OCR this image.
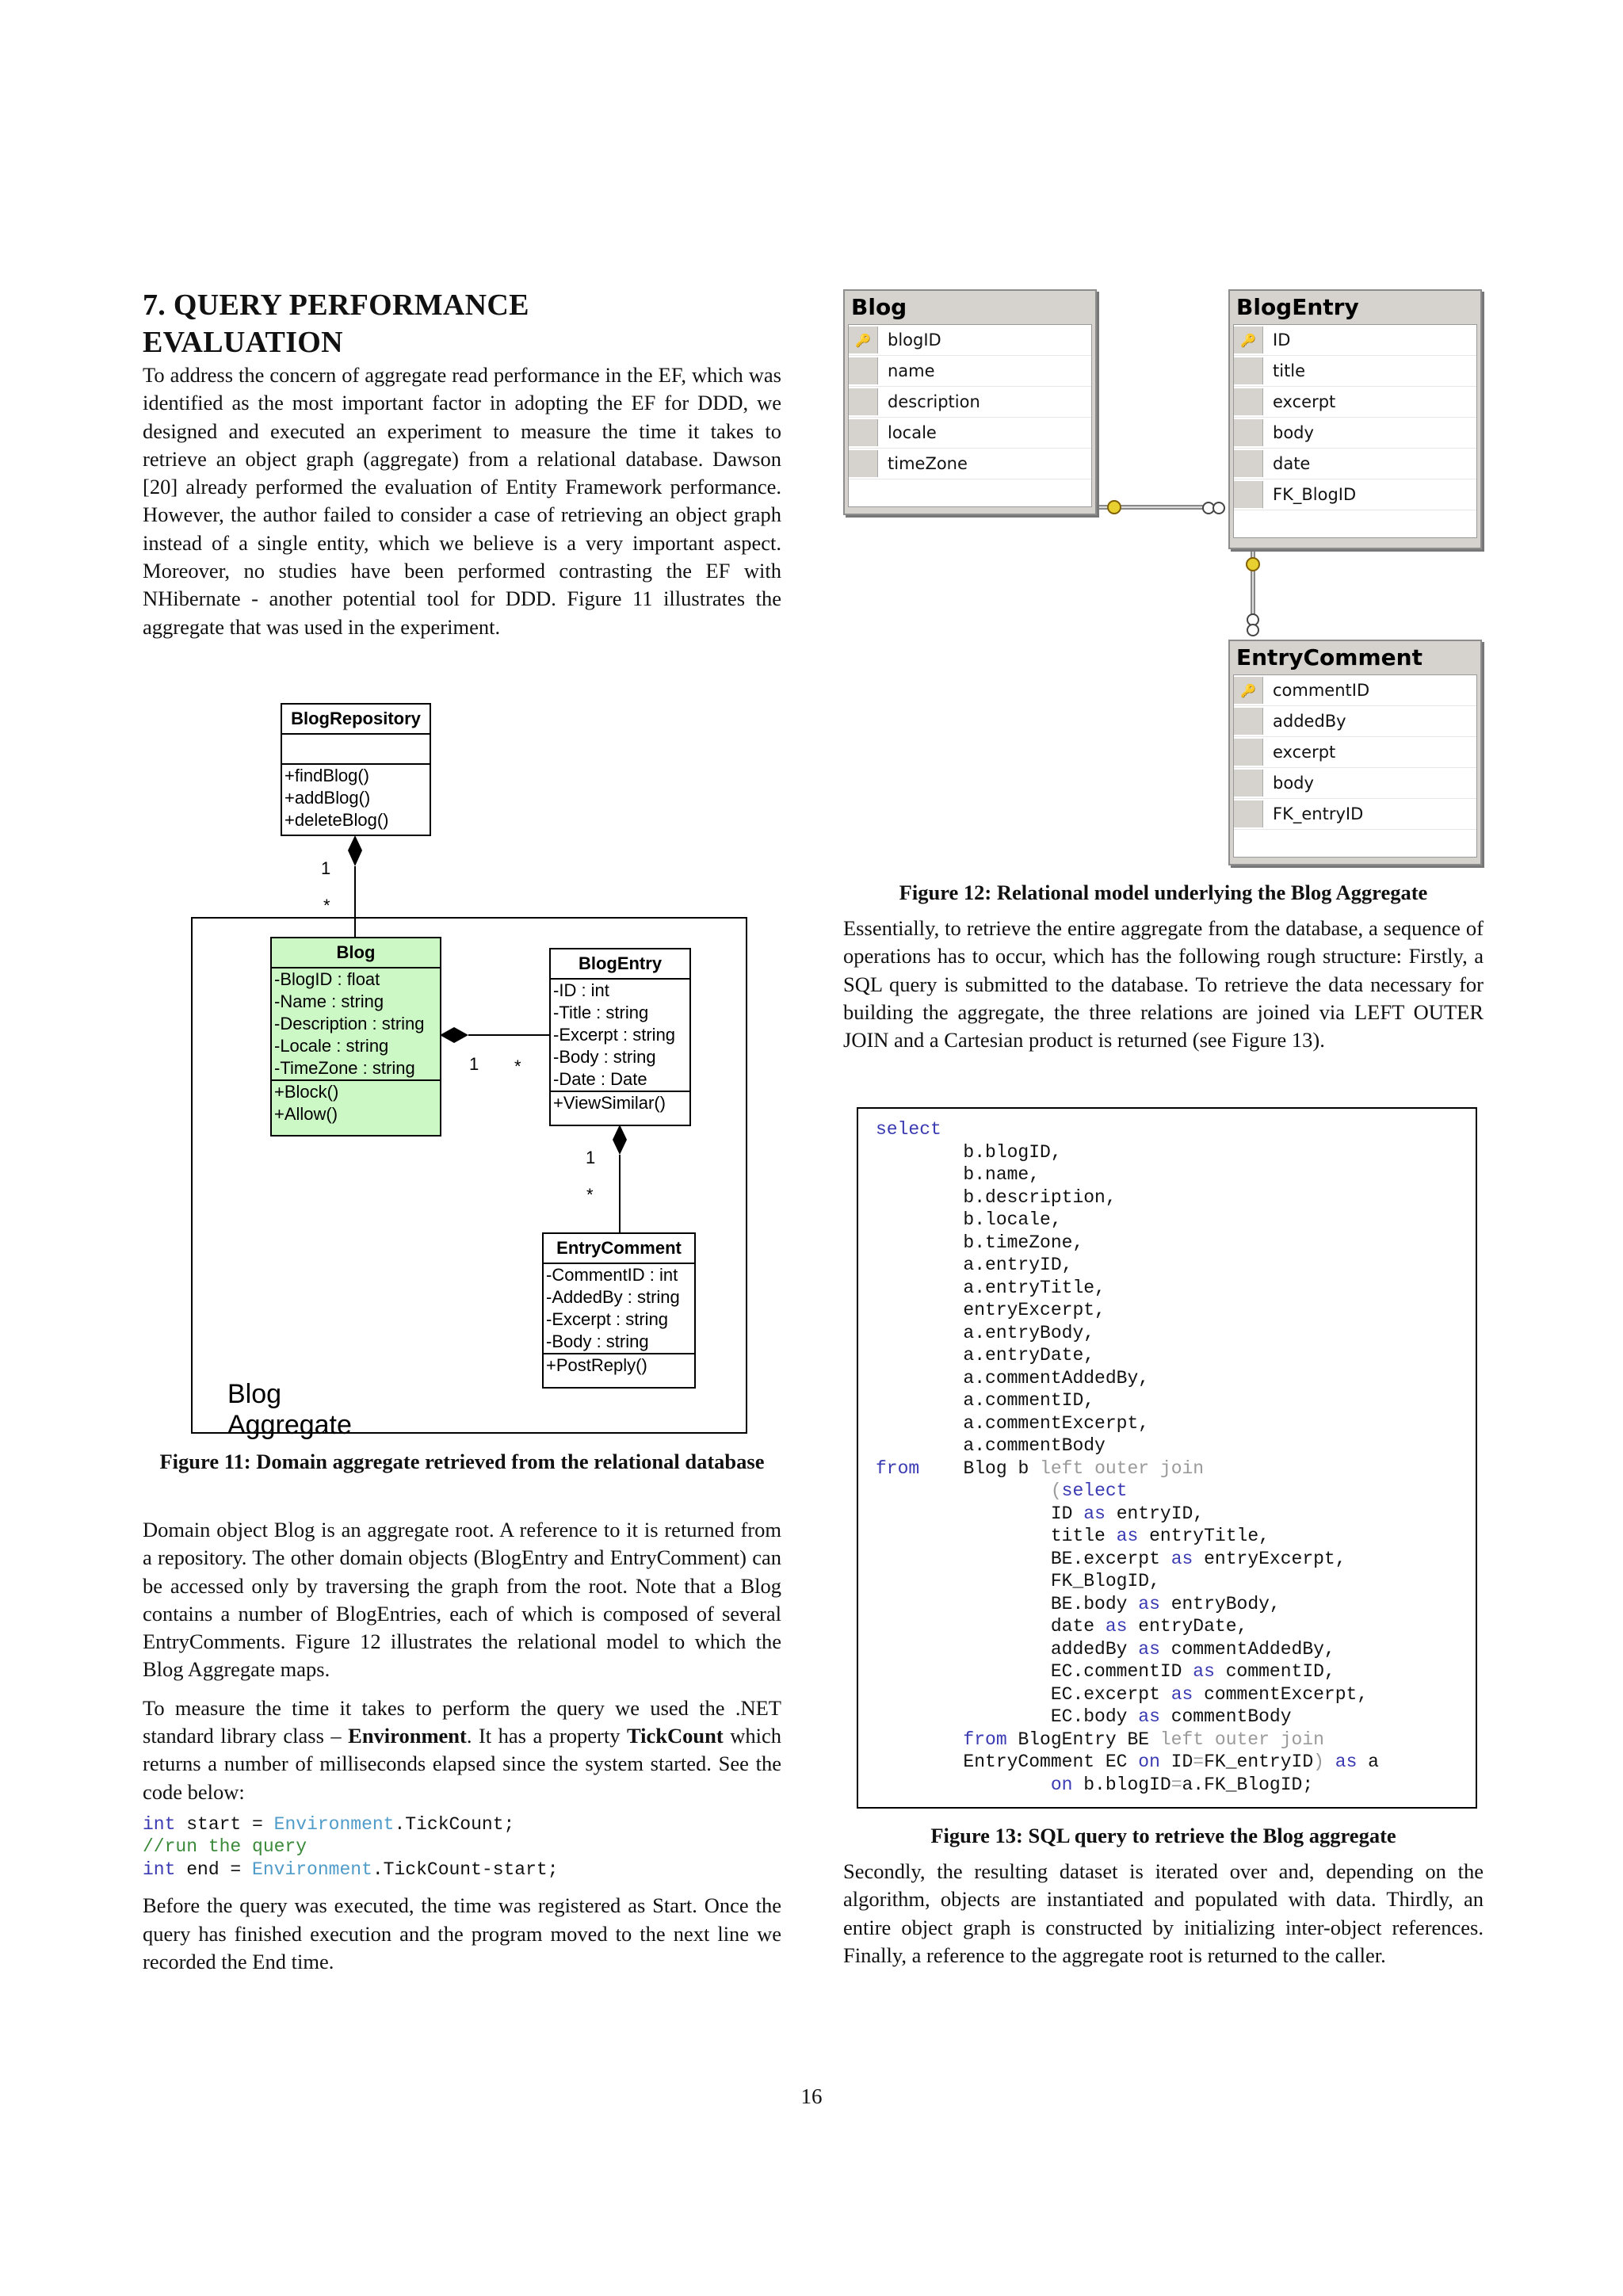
7. QUERY PERFORMANCE
EVALUATION

To address the concern of aggregate read performance in the EF, which was identified as the most important factor in adopting the EF for DDD, we designed and executed an experiment to measure the time it takes to retrieve an object graph (aggregate) from a relational database. Dawson [20] already performed the evaluation of Entity Framework performance. However, the author failed to consider a case of retrieving an object graph instead of a single entity, which we believe is a very important aspect. Moreover, no studies have been performed contrasting the EF with NHibernate - another potential tool for DDD. Figure 11 illustrates the aggregate that was used in the experiment.

BlogRepository
+findBlog()
+addBlog()
+deleteBlog()
1
*
Blog
-BlogID : float
-Name : string
-Description : string
-Locale : string
-TimeZone : string
+Block()
+Allow()
1 *
BlogEntry
-ID : int
-Title : string
-Excerpt : string
-Body : string
-Date : Date
+ViewSimilar()
1
*
EntryComment
-CommentID : int
-AddedBy : string
-Excerpt : string
-Body : string
+PostReply()
Blog Aggregate

Figure 11: Domain aggregate retrieved from the relational database

Domain object Blog is an aggregate root. A reference to it is returned from a repository. The other domain objects (BlogEntry and EntryComment) can be accessed only by traversing the graph from the root. Note that a Blog contains a number of BlogEntries, each of which is composed of several EntryComments. Figure 12 illustrates the relational model to which the Blog Aggregate maps.

To measure the time it takes to perform the query we used the .NET standard library class – Environment. It has a property TickCount which returns a number of milliseconds elapsed since the system started. See the code below:

int start = Environment.TickCount;
//run the query
int end = Environment.TickCount-start;

Before the query was executed, the time was registered as Start. Once the query has finished execution and the program moved to the next line we recorded the End time.

Blog
🔑	blogID
name
description
locale
timeZone
BlogEntry
🔑	ID
title
excerpt
body
date
FK_BlogID
EntryComment
🔑	commentID
addedBy
excerpt
body
FK_entryID

Figure 12: Relational model underlying the Blog Aggregate

Essentially, to retrieve the entire aggregate from the database, a sequence of operations has to occur, which has the following rough structure: Firstly, a SQL query is submitted to the database. To retrieve the data necessary for building the aggregate, the three relations are joined via LEFT OUTER JOIN and a Cartesian product is returned (see Figure 13).

select
b.blogID,
b.name,
b.description,
b.locale,
b.timeZone,
a.entryID,
a.entryTitle,
entryExcerpt,
a.entryBody,
a.entryDate,
a.commentAddedBy,
a.commentID,
a.commentExcerpt,
a.commentBody
from Blog b left outer join
(select
ID as entryID,
title as entryTitle,
BE.excerpt as entryExcerpt,
FK_BlogID,
BE.body as entryBody,
date as entryDate,
addedBy as commentAddedBy,
EC.commentID as commentID,
EC.excerpt as commentExcerpt,
EC.body as commentBody
from BlogEntry BE left outer join
EntryComment EC on ID=FK_entryID) as a
on b.blogID=a.FK_BlogID;

Figure 13: SQL query to retrieve the Blog aggregate

Secondly, the resulting dataset is iterated over and, depending on the algorithm, objects are instantiated and populated with data. Thirdly, an entire object graph is constructed by initializing inter-object references. Finally, a reference to the aggregate root is returned to the caller.

16
